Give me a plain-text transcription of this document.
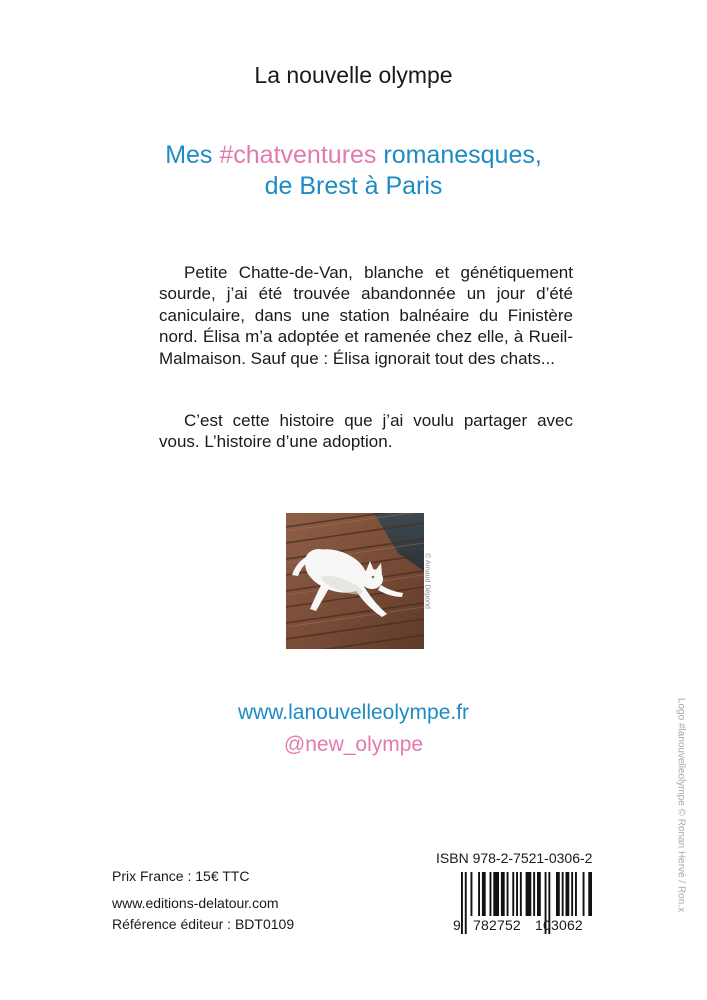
La nouvelle olympe
Mes #chatventures romanesques,
de Brest à Paris

Petite Chatte-de-Van, blanche et génétiquement sourde, j’ai été trouvée abandonnée un jour d’été caniculaire, dans une station balnéaire du Finistère nord. Élisa m’a adoptée et ramenée chez elle, à Rueil-Malmaison. Sauf que : Élisa ignorait tout des chats...

C’est cette histoire que j’ai voulu partager avec vous. L’histoire d’une adoption.

© Arnaud Dépond
www.lanouvelleolympe.fr
@new_olympe	Logo #lanouvelleolympe © Ronan Hervé / Ron.x
Prix France : 15€ TTC
www.editions-delatour.com
Référence éditeur : BDT0109
ISBN 978-2-7521-0306-2
9 782752 103062
